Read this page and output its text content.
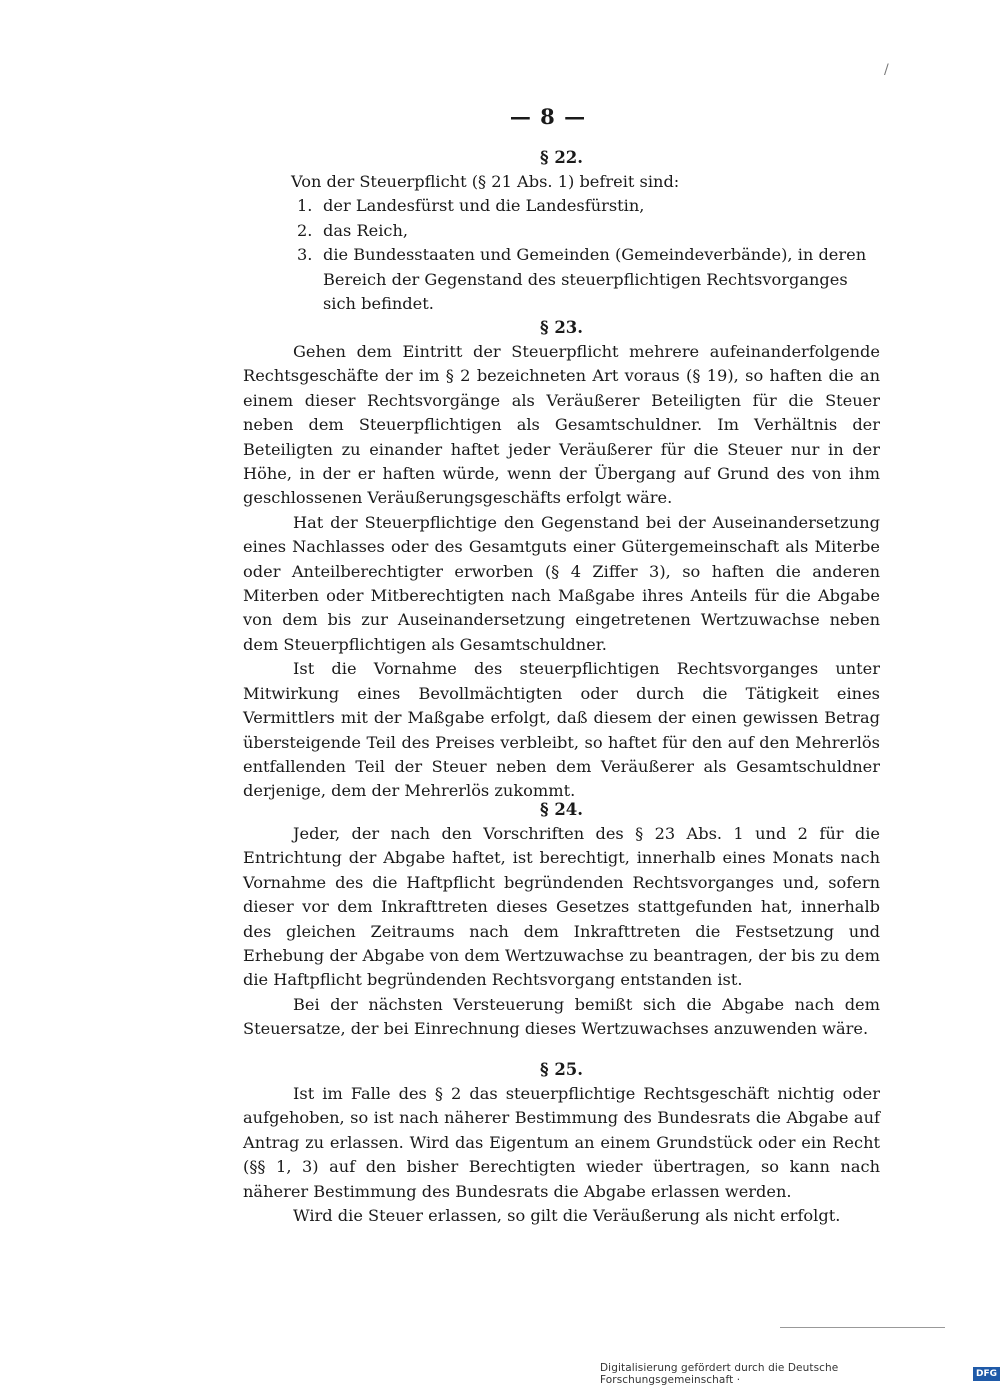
/
— 8 —
§ 22.

Von der Steuerpflicht (§ 21 Abs. 1) befreit sind:

1. der Landesfürst und die Landesfürstin,
2. das Reich,
3. die Bundesstaaten und Gemeinden (Gemeindeverbände), in deren Bereich der Gegenstand des steuerpflichtigen Rechtsvorganges sich befindet.
§ 23.

Gehen dem Eintritt der Steuerpflicht mehrere aufeinanderfolgende Rechtsgeschäfte der im § 2 bezeichneten Art voraus (§ 19), so haften die an einem dieser Rechtsvorgänge als Veräußerer Beteiligten für die Steuer neben dem Steuerpflichtigen als Gesamtschuldner. Im Verhältnis der Beteiligten zu einander haftet jeder Veräußerer für die Steuer nur in der Höhe, in der er haften würde, wenn der Übergang auf Grund des von ihm geschlossenen Veräußerungsgeschäfts erfolgt wäre.

Hat der Steuerpflichtige den Gegenstand bei der Auseinandersetzung eines Nachlasses oder des Gesamtguts einer Gütergemeinschaft als Miterbe oder Anteilberechtigter erworben (§ 4 Ziffer 3), so haften die anderen Miterben oder Mitberechtigten nach Maßgabe ihres Anteils für die Abgabe von dem bis zur Auseinandersetzung eingetretenen Wertzuwachse neben dem Steuerpflichtigen als Gesamtschuldner.

Ist die Vornahme des steuerpflichtigen Rechtsvorganges unter Mitwirkung eines Bevollmächtigten oder durch die Tätigkeit eines Vermittlers mit der Maßgabe erfolgt, daß diesem der einen gewissen Betrag übersteigende Teil des Preises verbleibt, so haftet für den auf den Mehrerlös entfallenden Teil der Steuer neben dem Veräußerer als Gesamtschuldner derjenige, dem der Mehrerlös zukommt.

§ 24.

Jeder, der nach den Vorschriften des § 23 Abs. 1 und 2 für die Entrichtung der Abgabe haftet, ist berechtigt, innerhalb eines Monats nach Vornahme des die Haftpflicht begründenden Rechtsvorganges und, sofern dieser vor dem Inkrafttreten dieses Gesetzes stattgefunden hat, innerhalb des gleichen Zeitraums nach dem Inkrafttreten die Festsetzung und Erhebung der Abgabe von dem Wertzuwachse zu beantragen, der bis zu dem die Haftpflicht begründenden Rechtsvorgang entstanden ist.

Bei der nächsten Versteuerung bemißt sich die Abgabe nach dem Steuersatze, der bei Einrechnung dieses Wertzuwachses anzuwenden wäre.

§ 25.

Ist im Falle des § 2 das steuerpflichtige Rechtsgeschäft nichtig oder aufgehoben, so ist nach näherer Bestimmung des Bundesrats die Abgabe auf Antrag zu erlassen. Wird das Eigentum an einem Grundstück oder ein Recht (§§ 1, 3) auf den bisher Berechtigten wieder übertragen, so kann nach näherer Bestimmung des Bundesrats die Abgabe erlassen werden.

Wird die Steuer erlassen, so gilt die Veräußerung als nicht erfolgt.

Digitalisierung gefördert durch die Deutsche Forschungsgemeinschaft ·	DFG
